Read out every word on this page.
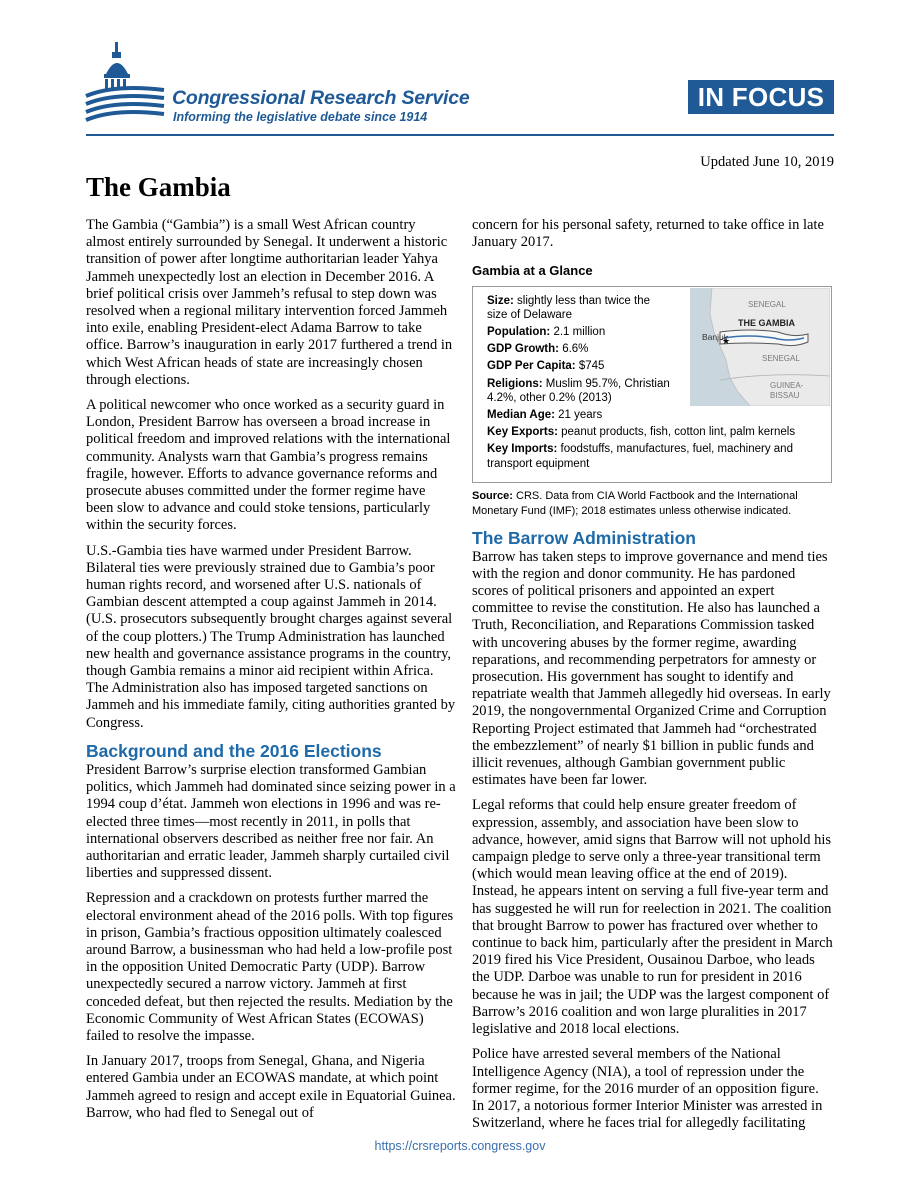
Congressional Research Service
Informing the legislative debate since 1914
IN FOCUS
Updated June 10, 2019
The Gambia

The Gambia (“Gambia”) is a small West African country almost entirely surrounded by Senegal. It underwent a historic transition of power after longtime authoritarian leader Yahya Jammeh unexpectedly lost an election in December 2016. A brief political crisis over Jammeh’s refusal to step down was resolved when a regional military intervention forced Jammeh into exile, enabling President-elect Adama Barrow to take office. Barrow’s inauguration in early 2017 furthered a trend in which West African heads of state are increasingly chosen through elections.

A political newcomer who once worked as a security guard in London, President Barrow has overseen a broad increase in political freedom and improved relations with the international community. Analysts warn that Gambia’s progress remains fragile, however. Efforts to advance governance reforms and prosecute abuses committed under the former regime have been slow to advance and could stoke tensions, particularly within the security forces.

U.S.-Gambia ties have warmed under President Barrow. Bilateral ties were previously strained due to Gambia’s poor human rights record, and worsened after U.S. nationals of Gambian descent attempted a coup against Jammeh in 2014. (U.S. prosecutors subsequently brought charges against several of the coup plotters.) The Trump Administration has launched new health and governance assistance programs in the country, though Gambia remains a minor aid recipient within Africa. The Administration also has imposed targeted sanctions on Jammeh and his immediate family, citing authorities granted by Congress.

Background and the 2016 Elections

President Barrow’s surprise election transformed Gambian politics, which Jammeh had dominated since seizing power in a 1994 coup d’état. Jammeh won elections in 1996 and was re-elected three times—most recently in 2011, in polls that international observers described as neither free nor fair. An authoritarian and erratic leader, Jammeh sharply curtailed civil liberties and suppressed dissent.

Repression and a crackdown on protests further marred the electoral environment ahead of the 2016 polls. With top figures in prison, Gambia’s fractious opposition ultimately coalesced around Barrow, a businessman who had held a low-profile post in the opposition United Democratic Party (UDP). Barrow unexpectedly secured a narrow victory. Jammeh at first conceded defeat, but then rejected the results. Mediation by the Economic Community of West African States (ECOWAS) failed to resolve the impasse.

In January 2017, troops from Senegal, Ghana, and Nigeria entered Gambia under an ECOWAS mandate, at which point Jammeh agreed to resign and accept exile in Equatorial Guinea. Barrow, who had fled to Senegal out of

concern for his personal safety, returned to take office in late January 2017.

Gambia at a Glance
Size: slightly less than twice the size of Delaware
Population: 2.1 million
GDP Growth: 6.6%
GDP Per Capita: $745
Religions: Muslim 95.7%, Christian 4.2%, other 0.2% (2013)
Median Age: 21 years
Key Exports: peanut products, fish, cotton lint, palm kernels
Key Imports: foodstuffs, manufactures, fuel, machinery and transport equipment
SENEGAL
THE GAMBIA
Banjul
SENEGAL
GUINEA-
BISSAU
★
Source: CRS. Data from CIA World Factbook and the International Monetary Fund (IMF); 2018 estimates unless otherwise indicated.
The Barrow Administration

Barrow has taken steps to improve governance and mend ties with the region and donor community. He has pardoned scores of political prisoners and appointed an expert committee to revise the constitution. He also has launched a Truth, Reconciliation, and Reparations Commission tasked with uncovering abuses by the former regime, awarding reparations, and recommending perpetrators for amnesty or prosecution. His government has sought to identify and repatriate wealth that Jammeh allegedly hid overseas. In early 2019, the nongovernmental Organized Crime and Corruption Reporting Project estimated that Jammeh had “orchestrated the embezzlement” of nearly $1 billion in public funds and illicit revenues, although Gambian government public estimates have been far lower.

Legal reforms that could help ensure greater freedom of expression, assembly, and association have been slow to advance, however, amid signs that Barrow will not uphold his campaign pledge to serve only a three-year transitional term (which would mean leaving office at the end of 2019). Instead, he appears intent on serving a full five-year term and has suggested he will run for reelection in 2021. The coalition that brought Barrow to power has fractured over whether to continue to back him, particularly after the president in March 2019 fired his Vice President, Ousainou Darboe, who leads the UDP. Darboe was unable to run for president in 2016 because he was in jail; the UDP was the largest component of Barrow’s 2016 coalition and won large pluralities in 2017 legislative and 2018 local elections.

Police have arrested several members of the National Intelligence Agency (NIA), a tool of repression under the former regime, for the 2016 murder of an opposition figure. In 2017, a notorious former Interior Minister was arrested in Switzerland, where he faces trial for allegedly facilitating

https://crsreports.congress.gov
